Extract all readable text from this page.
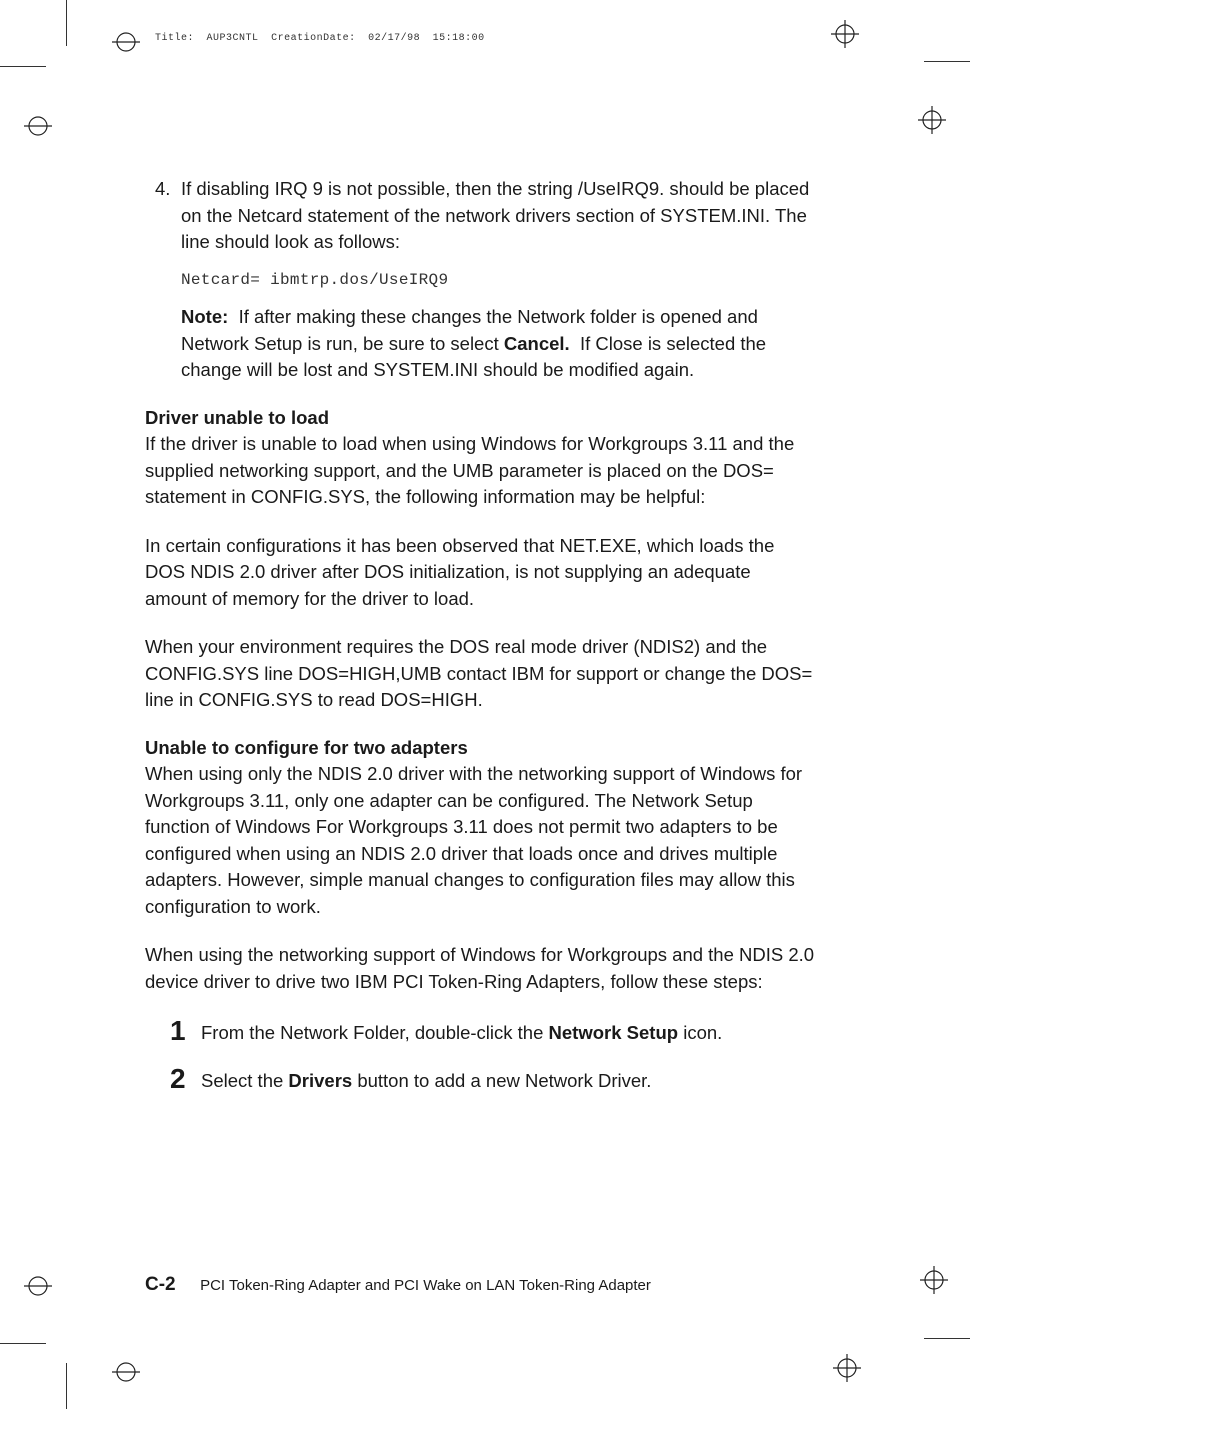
Title: AUP3CNTL CreationDate: 02/17/98 15:18:00
4. If disabling IRQ 9 is not possible, then the string /UseIRQ9. should be placed on the Netcard statement of the network drivers section of SYSTEM.INI. The line should look as follows:

Netcard= ibmtrp.dos/UseIRQ9

Note: If after making these changes the Network folder is opened and Network Setup is run, be sure to select Cancel. If Close is selected the change will be lost and SYSTEM.INI should be modified again.

Driver unable to load

If the driver is unable to load when using Windows for Workgroups 3.11 and the supplied networking support, and the UMB parameter is placed on the DOS= statement in CONFIG.SYS, the following information may be helpful:

In certain configurations it has been observed that NET.EXE, which loads the DOS NDIS 2.0 driver after DOS initialization, is not supplying an adequate amount of memory for the driver to load.

When your environment requires the DOS real mode driver (NDIS2) and the CONFIG.SYS line DOS=HIGH,UMB contact IBM for support or change the DOS= line in CONFIG.SYS to read DOS=HIGH.

Unable to configure for two adapters

When using only the NDIS 2.0 driver with the networking support of Windows for Workgroups 3.11, only one adapter can be configured. The Network Setup function of Windows For Workgroups 3.11 does not permit two adapters to be configured when using an NDIS 2.0 driver that loads once and drives multiple adapters. However, simple manual changes to configuration files may allow this configuration to work.

When using the networking support of Windows for Workgroups and the NDIS 2.0 device driver to drive two IBM PCI Token-Ring Adapters, follow these steps:

1 From the Network Folder, double-click the Network Setup icon.
2 Select the Drivers button to add a new Network Driver.
C-2 PCI Token-Ring Adapter and PCI Wake on LAN Token-Ring Adapter
